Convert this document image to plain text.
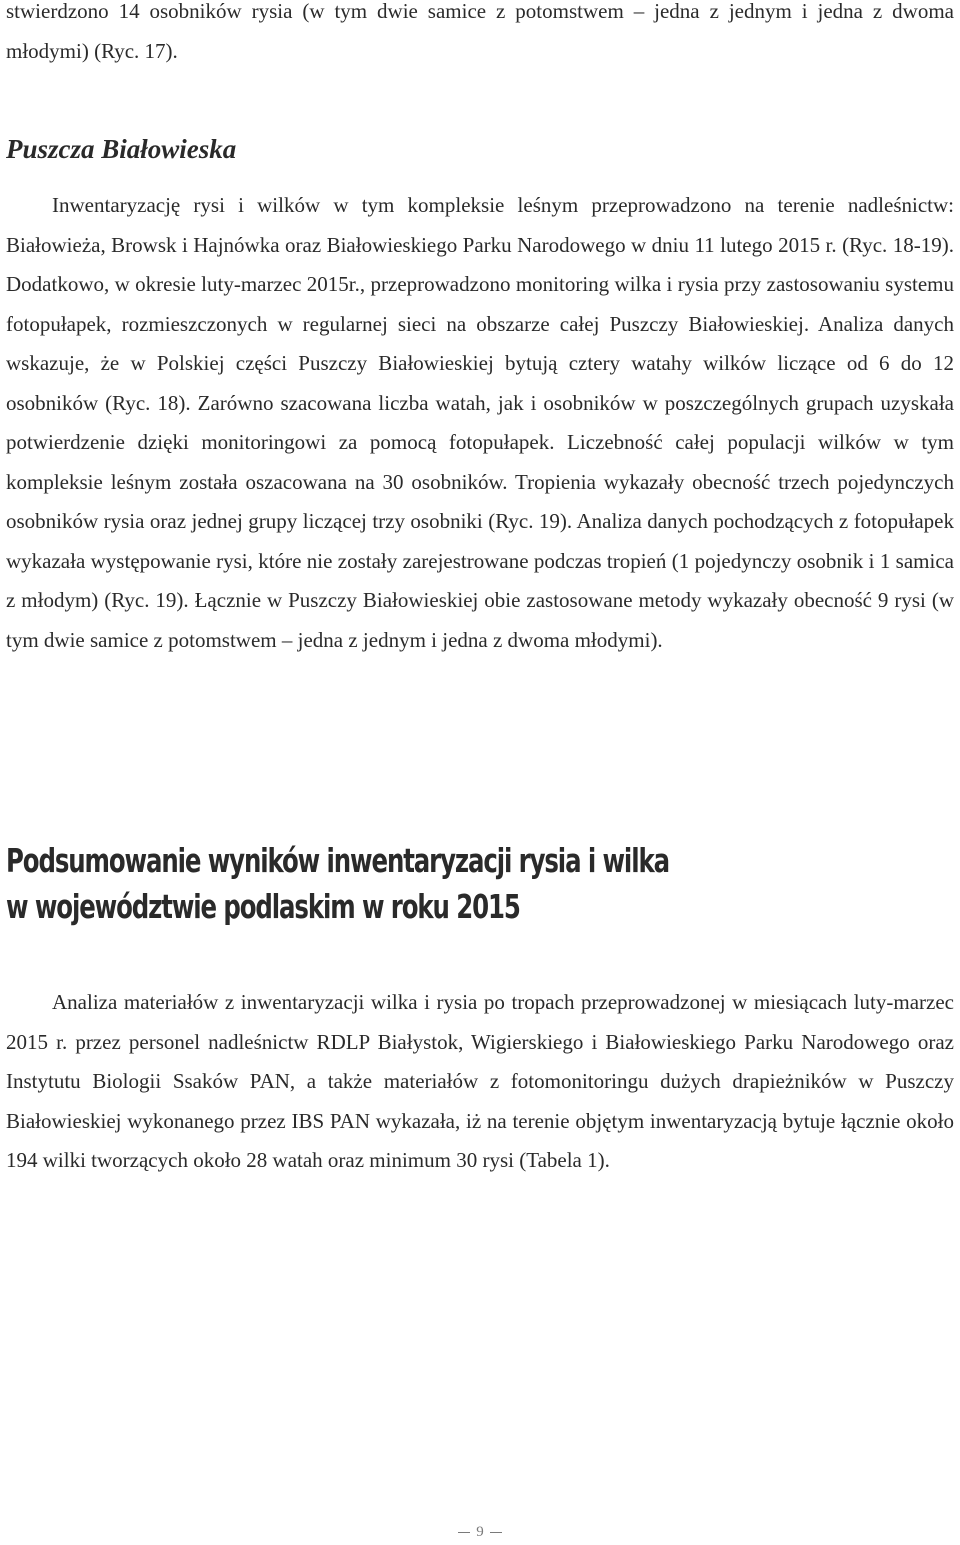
stwierdzono 14 osobników rysia (w tym dwie samice z potomstwem – jedna z jednym i jedna z dwoma młodymi) (Ryc. 17).

Puszcza Białowieska

Inwentaryzację rysi i wilków w tym kompleksie leśnym przeprowadzono na terenie nadleśnictw: Białowieża, Browsk i Hajnówka oraz Białowieskiego Parku Narodowego w dniu 11 lutego 2015 r. (Ryc. 18-19). Dodatkowo, w okresie luty-marzec 2015r., przeprowadzono monitoring wilka i rysia przy zastosowaniu systemu fotopułapek, rozmieszczonych w regularnej sieci na obszarze całej Puszczy Białowieskiej. Analiza danych wskazuje, że w Polskiej części Puszczy Białowieskiej bytują cztery watahy wilków liczące od 6 do 12 osobników (Ryc. 18). Zarówno szacowana liczba watah, jak i osobników w poszczególnych grupach uzyskała potwierdzenie dzięki monitoringowi za pomocą fotopułapek. Liczebność całej populacji wilków w tym kompleksie leśnym została oszacowana na 30 osobników. Tropienia wykazały obecność trzech pojedynczych osobników rysia oraz jednej grupy liczącej trzy osobniki (Ryc. 19). Analiza danych pochodzących z fotopułapek wykazała występowanie rysi, które nie zostały zarejestrowane podczas tropień (1 pojedynczy osobnik i 1 samica z młodym) (Ryc. 19). Łącznie w Puszczy Białowieskiej obie zastosowane metody wykazały obecność 9 rysi (w tym dwie samice z potomstwem – jedna z jednym i jedna z dwoma młodymi).

Podsumowanie wyników inwentaryzacji rysia i wilka
w województwie podlaskim w roku 2015

Analiza materiałów z inwentaryzacji wilka i rysia po tropach przeprowadzonej w miesiącach luty-marzec 2015 r. przez personel nadleśnictw RDLP Białystok, Wigierskiego i Białowieskiego Parku Narodowego oraz Instytutu Biologii Ssaków PAN, a także materiałów z fotomonitoringu dużych drapieżników w Puszczy Białowieskiej wykonanego przez IBS PAN wykazała, iż na terenie objętym inwentaryzacją bytuje łącznie około 194 wilki tworzących około 28 watah oraz minimum 30 rysi (Tabela 1).

9
